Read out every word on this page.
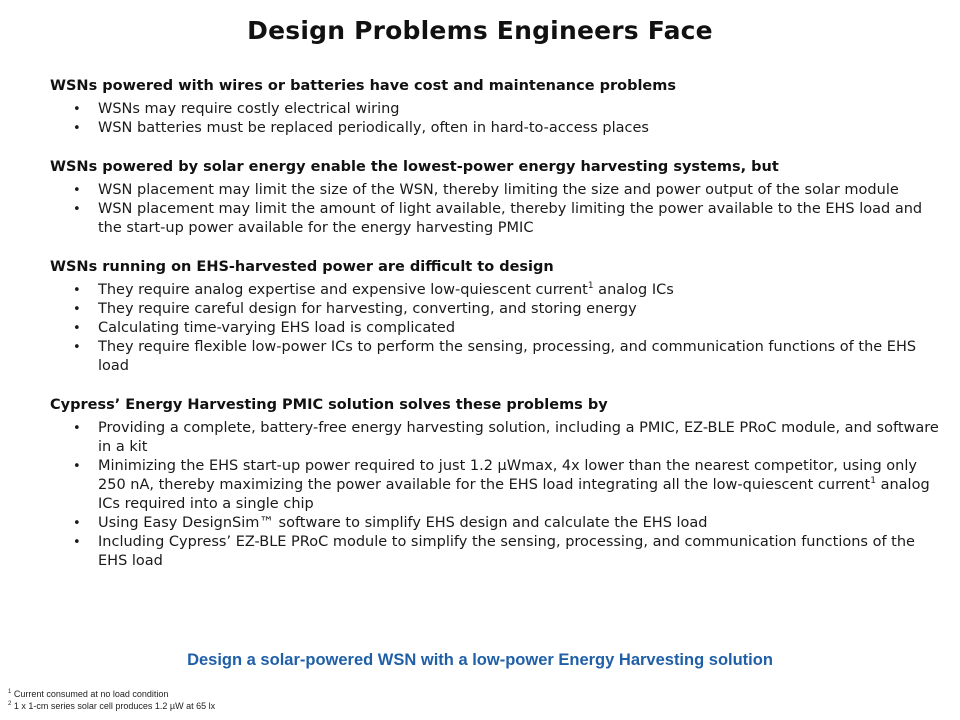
Design Problems Engineers Face
WSNs powered with wires or batteries have cost and maintenance problems
• WSNs may require costly electrical wiring
• WSN batteries must be replaced periodically, often in hard-to-access places
WSNs powered by solar energy enable the lowest-power energy harvesting systems, but
• WSN placement may limit the size of the WSN, thereby limiting the size and power output of the solar module
• WSN placement may limit the amount of light available, thereby limiting the power available to the EHS load and the start-up power available for the energy harvesting PMIC
WSNs running on EHS-harvested power are difficult to design
• They require analog expertise and expensive low-quiescent current$^1$ analog ICs
• They require careful design for harvesting, converting, and storing energy
• Calculating time-varying EHS load is complicated
• They require flexible low-power ICs to perform the sensing, processing, and communication functions of the EHS load
Cypress’ Energy Harvesting PMIC solution solves these problems by
• Providing a complete, battery-free energy harvesting solution, including a PMIC, EZ-BLE PRoC module, and software in a kit
• Minimizing the EHS start-up power required to just 1.2 µWmax, 4x lower than the nearest competitor, using only 250 nA, thereby maximizing the power available for the EHS load integrating all the low-quiescent current$^1$ analog ICs required into a single chip
• Using Easy DesignSim™ software to simplify EHS design and calculate the EHS load
• Including Cypress’ EZ-BLE PRoC module to simplify the sensing, processing, and communication functions of the EHS load
Design a solar-powered WSN with a low-power Energy Harvesting solution
$^1$ Current consumed at no load condition
$^2$ 1 x 1-cm series solar cell produces 1.2 µW at 65 lx
